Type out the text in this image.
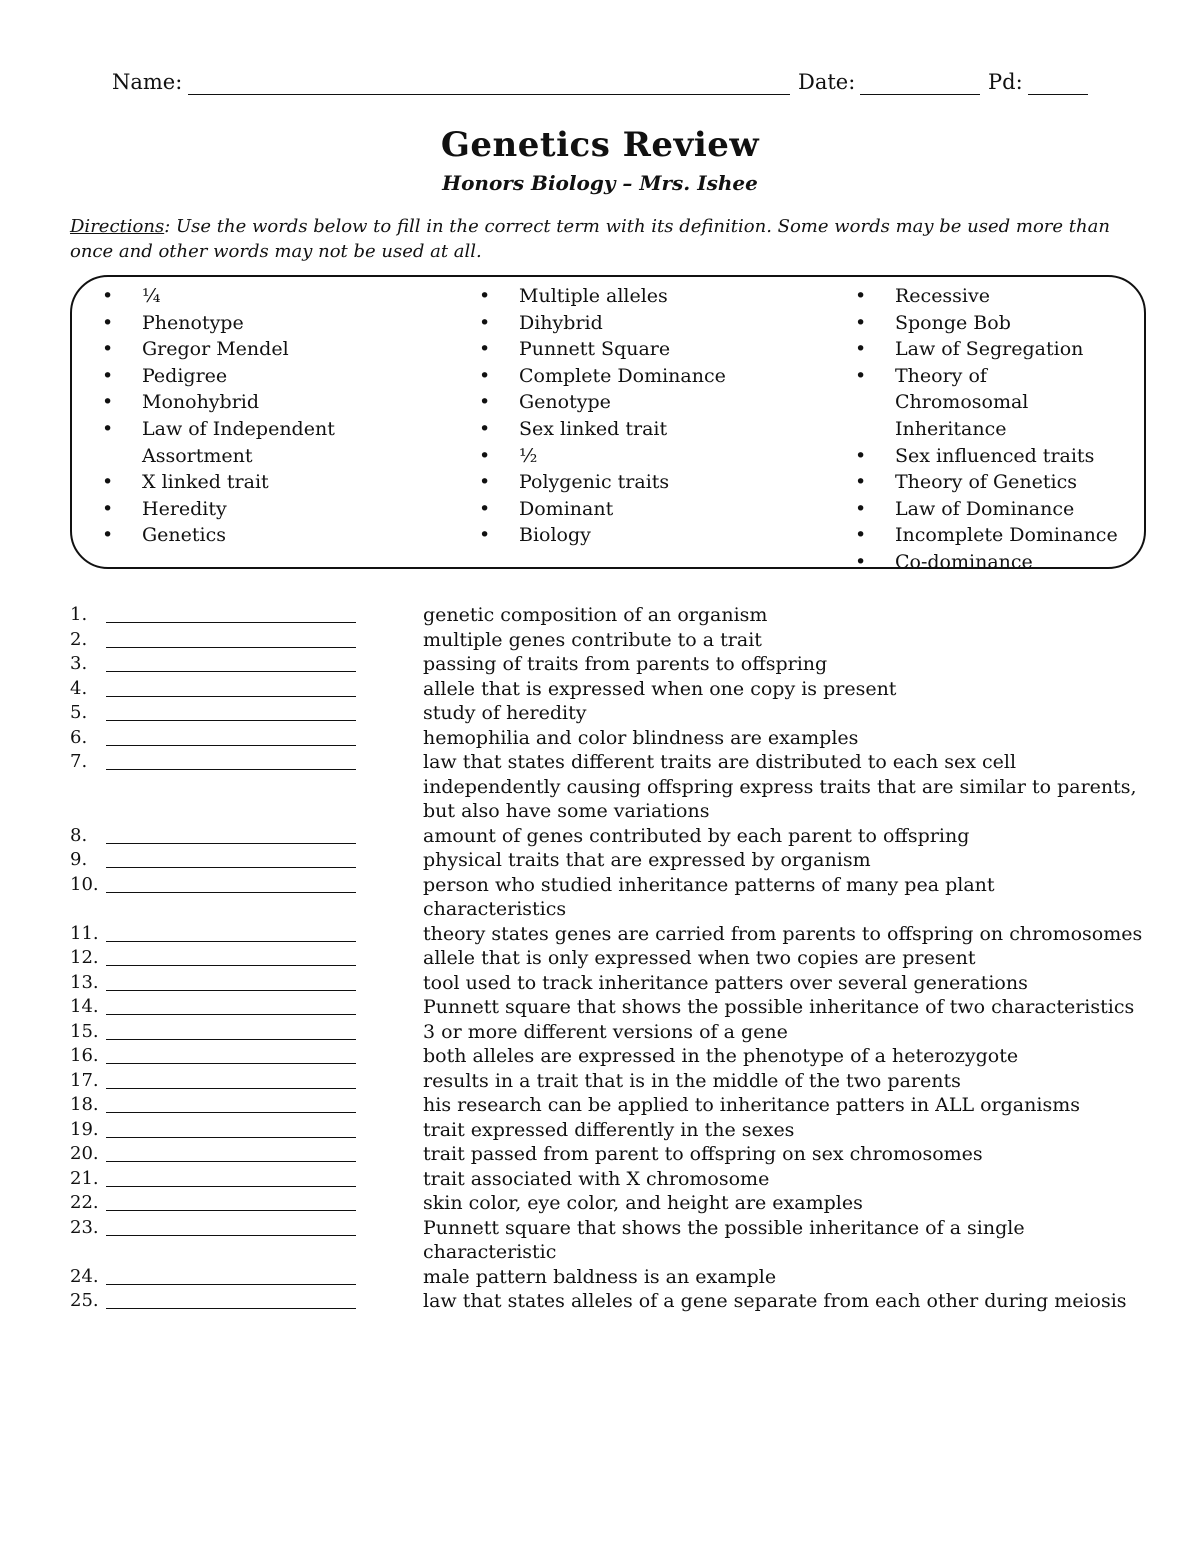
Name:	Date:	Pd:
Genetics Review
Honors Biology – Mrs. Ishee
Directions: Use the words below to fill in the correct term with its definition. Some words may be used more than once and other words may not be used at all.
• ¼
• Phenotype
• Gregor Mendel
• Pedigree
• Monohybrid
• Law of Independent Assortment
• X linked trait
• Heredity
• Genetics
• Multiple alleles
• Dihybrid
• Punnett Square
• Complete Dominance
• Genotype
• Sex linked trait
• ½
• Polygenic traits
• Dominant
• Biology
• Recessive
• Sponge Bob
• Law of Segregation
• Theory of Chromosomal Inheritance
• Sex influenced traits
• Theory of Genetics
• Law of Dominance
• Incomplete Dominance
• Co-dominance
1.	genetic composition of an organism
2.	multiple genes contribute to a trait
3.	passing of traits from parents to offspring
4.	allele that is expressed when one copy is present
5.	study of heredity
6.	hemophilia and color blindness are examples
7.	law that states different traits are distributed to each sex cell independently causing offspring express traits that are similar to parents, but also have some variations
8.	amount of genes contributed by each parent to offspring
9.	physical traits that are expressed by organism
10.	person who studied inheritance patterns of many pea plant characteristics
11.	theory states genes are carried from parents to offspring on chromosomes
12.	allele that is only expressed when two copies are present
13.	tool used to track inheritance patters over several generations
14.	Punnett square that shows the possible inheritance of two characteristics
15.	3 or more different versions of a gene
16.	both alleles are expressed in the phenotype of a heterozygote
17.	results in a trait that is in the middle of the two parents
18.	his research can be applied to inheritance patters in ALL organisms
19.	trait expressed differently in the sexes
20.	trait passed from parent to offspring on sex chromosomes
21.	trait associated with X chromosome
22.	skin color, eye color, and height are examples
23.	Punnett square that shows the possible inheritance of a single characteristic
24.	male pattern baldness is an example
25.	law that states alleles of a gene separate from each other during meiosis
